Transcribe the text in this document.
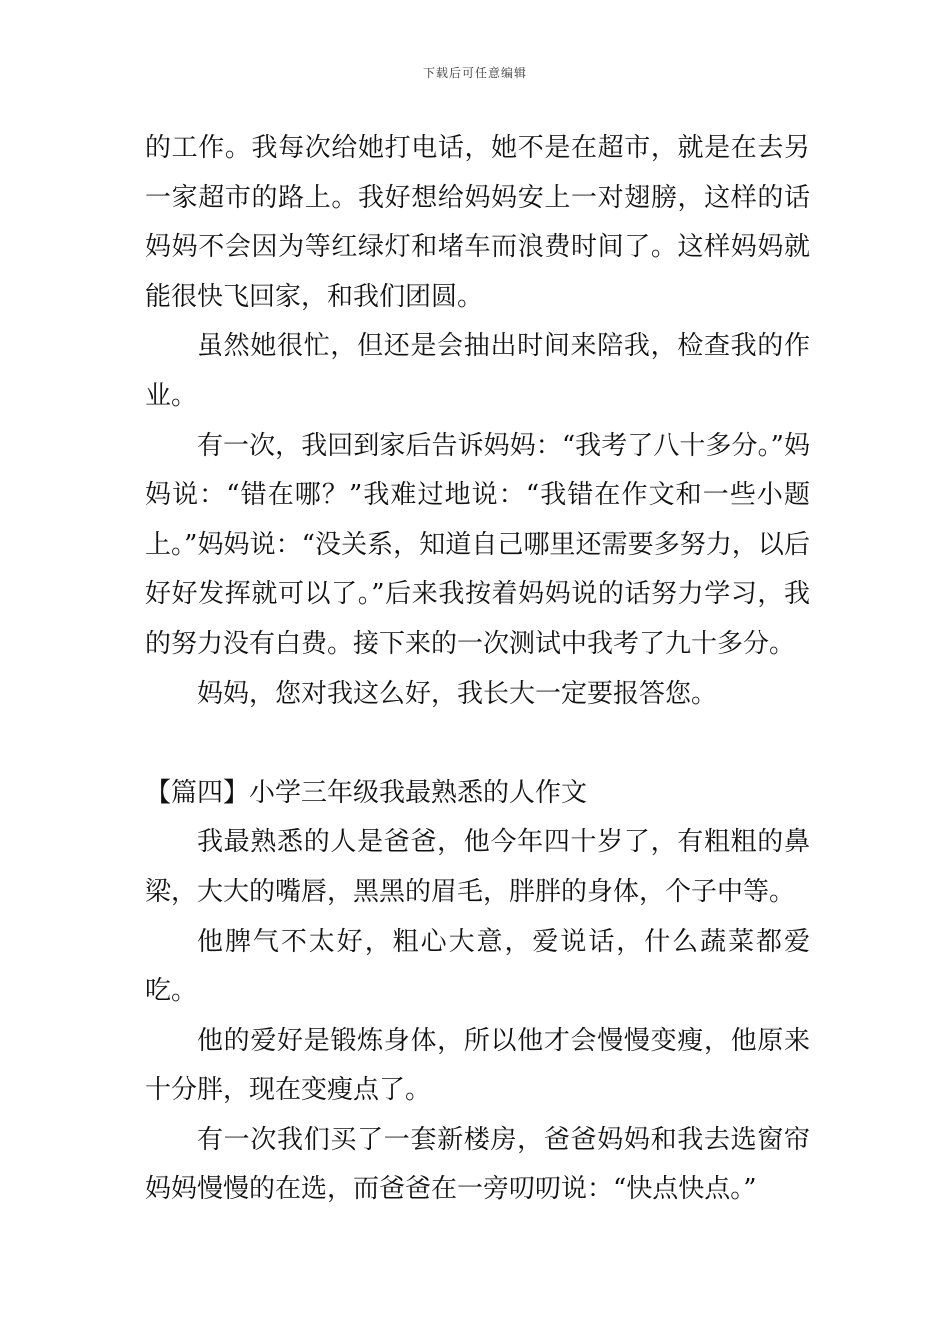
下载后可任意编辑

的工作。我每次给她打电话，她不是在超市，就是在去另一家超市的路上。我好想给妈妈安上一对翅膀，这样的话妈妈不会因为等红绿灯和堵车而浪费时间了。这样妈妈就能很快飞回家，和我们团圆。

虽然她很忙，但还是会抽出时间来陪我，检查我的作业。

有一次，我回到家后告诉妈妈：“我考了八十多分。”妈妈说：“错在哪？”我难过地说：“我错在作文和一些小题上。”妈妈说：“没关系，知道自己哪里还需要多努力，以后好好发挥就可以了。”后来我按着妈妈说的话努力学习，我的努力没有白费。接下来的一次测试中我考了九十多分。

妈妈，您对我这么好，我长大一定要报答您。

【篇四】小学三年级我最熟悉的人作文

我最熟悉的人是爸爸，他今年四十岁了，有粗粗的鼻梁，大大的嘴唇，黑黑的眉毛，胖胖的身体，个子中等。

他脾气不太好，粗心大意，爱说话，什么蔬菜都爱吃。

他的爱好是锻炼身体，所以他才会慢慢变瘦，他原来十分胖，现在变瘦点了。

有一次我们买了一套新楼房，爸爸妈妈和我去选窗帘妈妈慢慢的在选，而爸爸在一旁叨叨说：“快点快点。”
